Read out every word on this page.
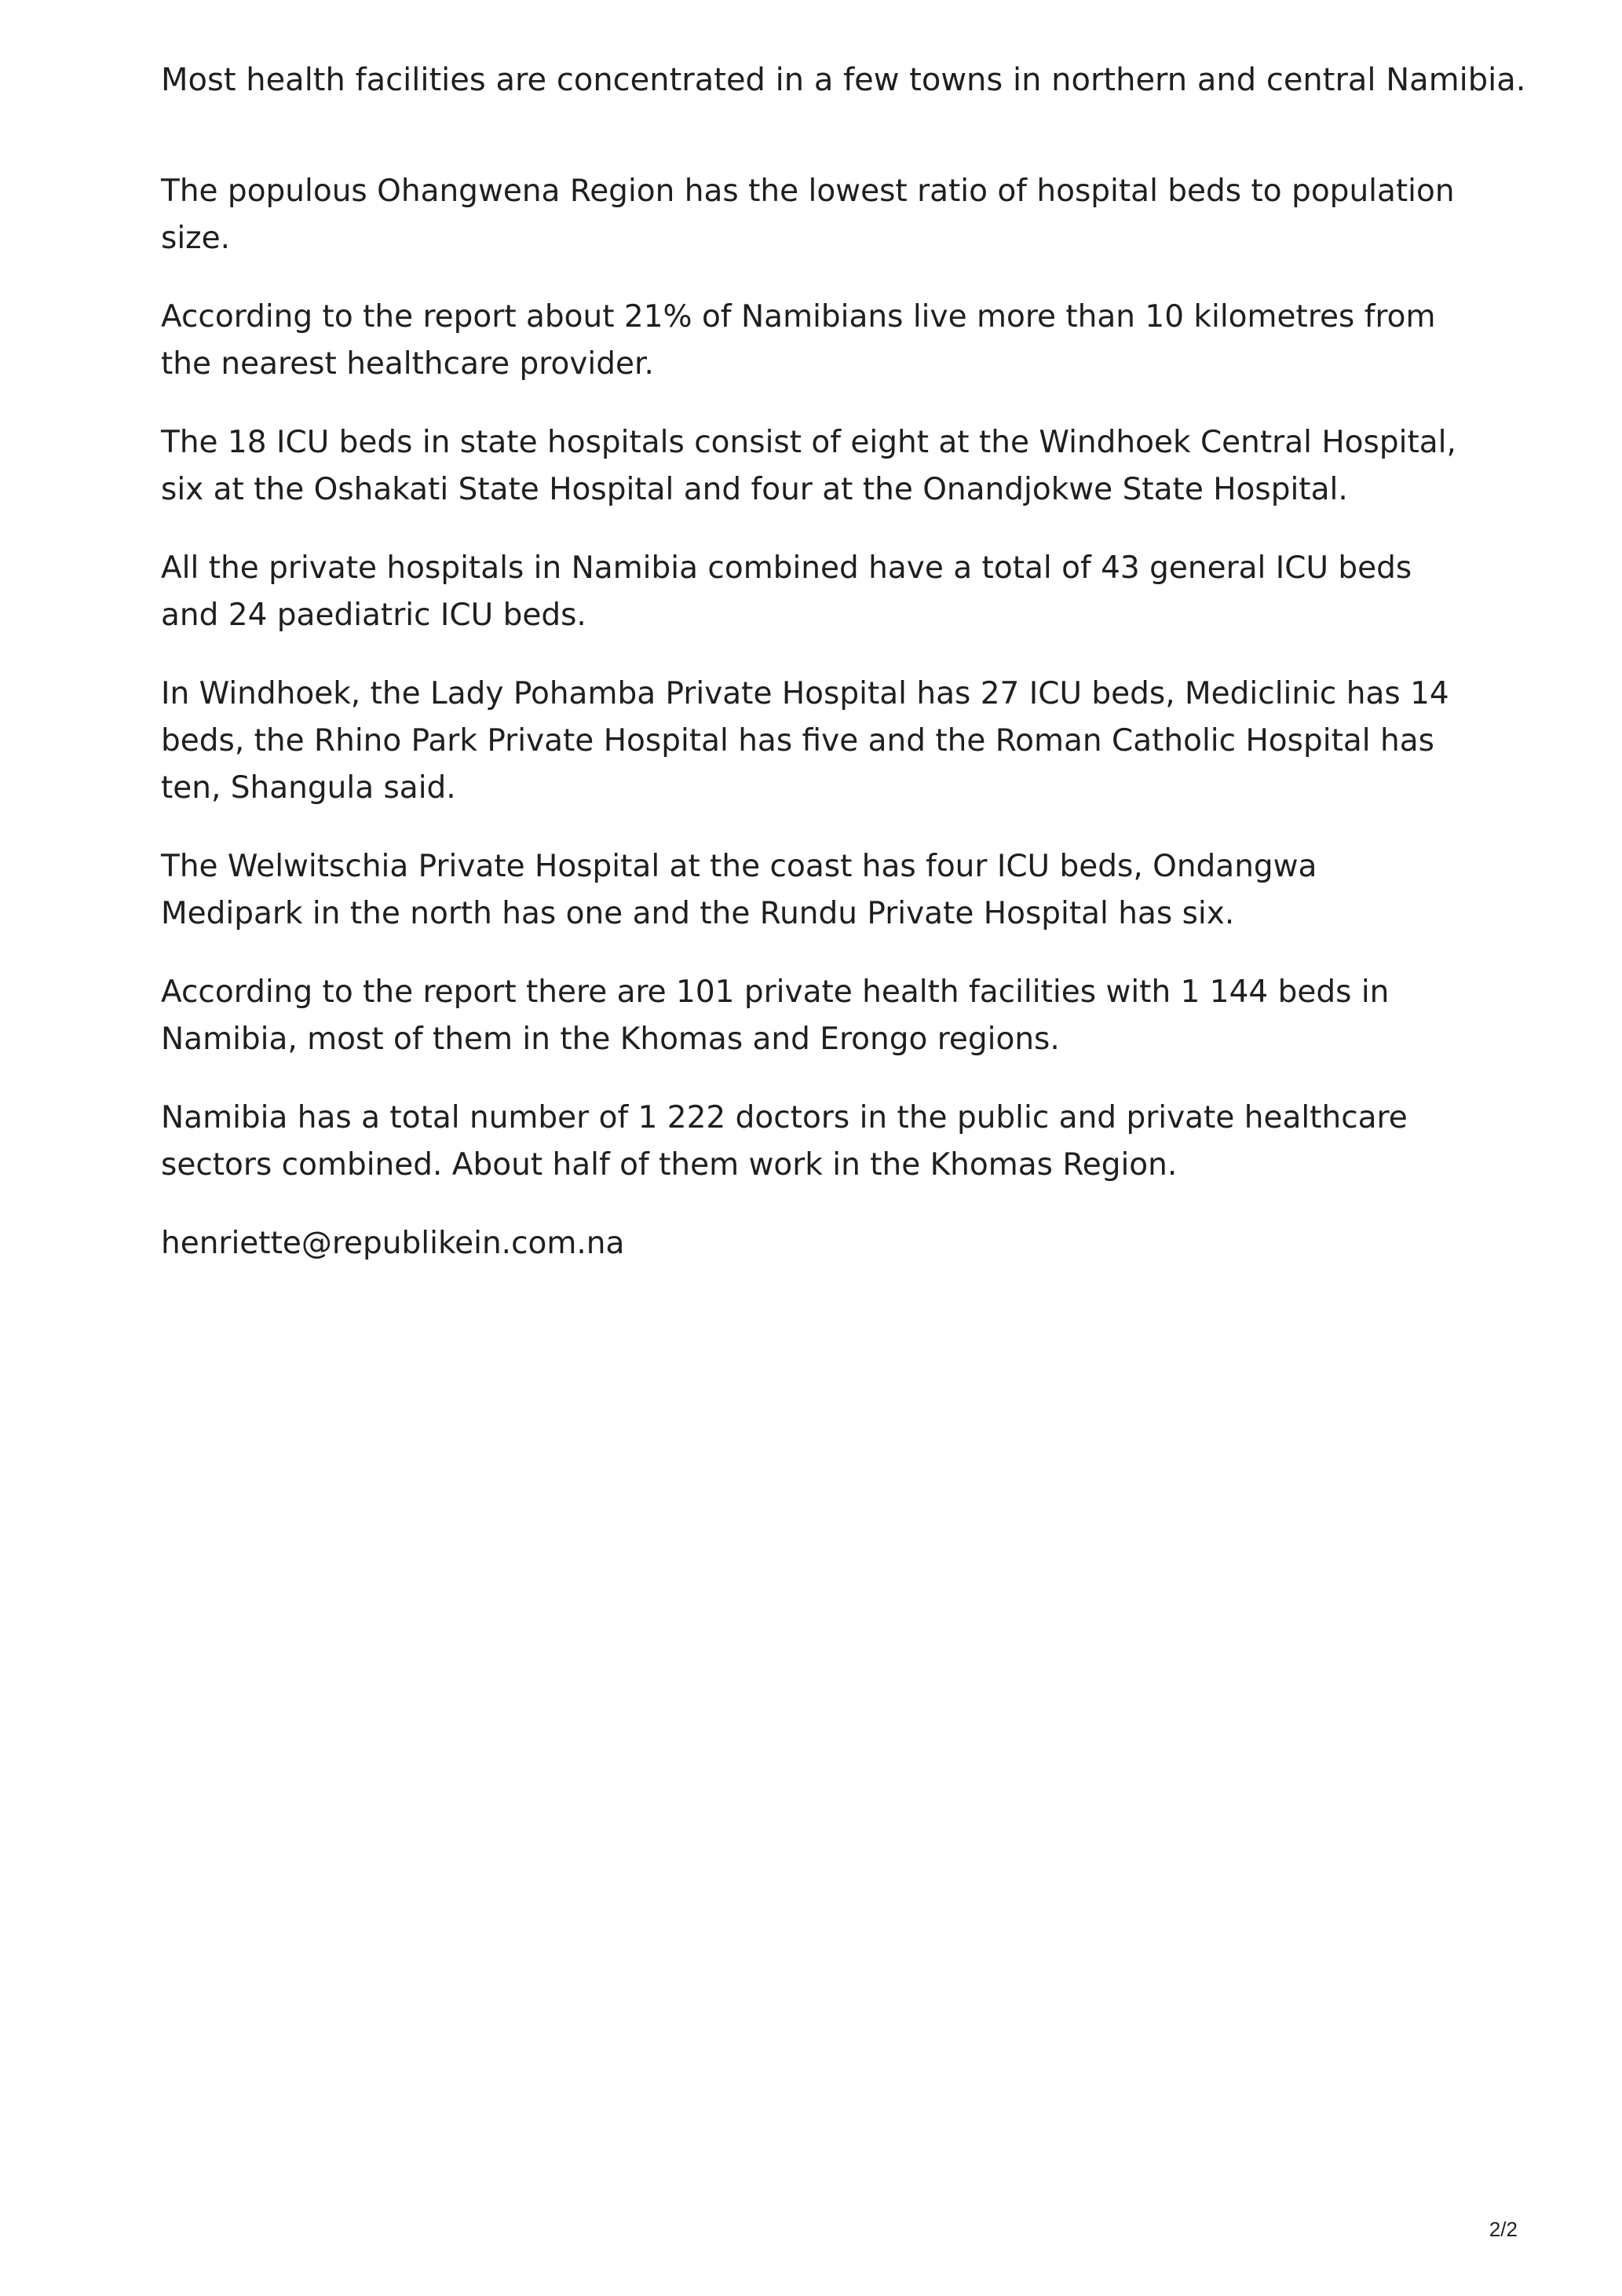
Most health facilities are concentrated in a few towns in northern and central Namibia.

The populous Ohangwena Region has the lowest ratio of hospital beds to population size.

According to the report about 21% of Namibians live more than 10 kilometres from the nearest healthcare provider.

The 18 ICU beds in state hospitals consist of eight at the Windhoek Central Hospital, six at the Oshakati State Hospital and four at the Onandjokwe State Hospital.

All the private hospitals in Namibia combined have a total of 43 general ICU beds and 24 paediatric ICU beds.

In Windhoek, the Lady Pohamba Private Hospital has 27 ICU beds, Mediclinic has 14 beds, the Rhino Park Private Hospital has five and the Roman Catholic Hospital has ten, Shangula said.

The Welwitschia Private Hospital at the coast has four ICU beds, Ondangwa Medipark in the north has one and the Rundu Private Hospital has six.

According to the report there are 101 private health facilities with 1 144 beds in Namibia, most of them in the Khomas and Erongo regions.

Namibia has a total number of 1 222 doctors in the public and private healthcare sectors combined. About half of them work in the Khomas Region.

henriette@republikein.com.na

2/2
